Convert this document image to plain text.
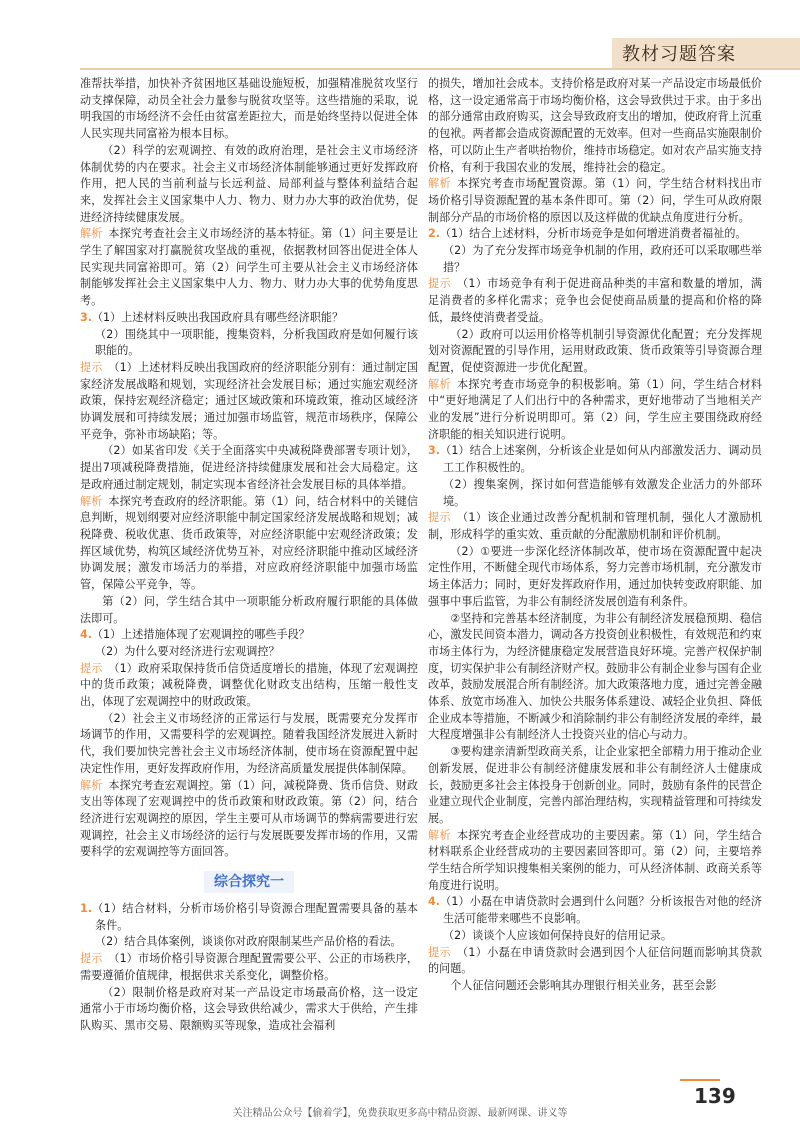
教材习题答案

准帮扶举措，加快补齐贫困地区基础设施短板，加强精准脱贫攻坚行动支撑保障，动员全社会力量参与脱贫攻坚等。这些措施的采取，说明我国的市场经济不会任由贫富差距拉大，而是始终坚持以促进全体人民实现共同富裕为根本目标。

（2）科学的宏观调控、有效的政府治理，是社会主义市场经济体制优势的内在要求。社会主义市场经济体制能够通过更好发挥政府作用，把人民的当前利益与长远利益、局部利益与整体利益结合起来，发挥社会主义国家集中人力、物力、财力办大事的政治优势，促进经济持续健康发展。

解析 本探究考查社会主义市场经济的基本特征。第（1）问主要是让学生了解国家对打赢脱贫攻坚战的重视，依据教材回答出促进全体人民实现共同富裕即可。第（2）问学生可主要从社会主义市场经济体制能够发挥社会主义国家集中人力、物力、财力办大事的优势角度思考。

3.（1）上述材料反映出我国政府具有哪些经济职能？

（2）围绕其中一项职能，搜集资料，分析我国政府是如何履行该职能的。

提示 （1）上述材料反映出我国政府的经济职能分别有：通过制定国家经济发展战略和规划，实现经济社会发展目标；通过实施宏观经济政策，保持宏观经济稳定；通过区域政策和环境政策，推动区域经济协调发展和可持续发展；通过加强市场监管，规范市场秩序，保障公平竞争，弥补市场缺陷；等。

（2）如某省印发《关于全面落实中央减税降费部署专项计划》，提出7项减税降费措施，促进经济持续健康发展和社会大局稳定。这是政府通过制定规划，制定实现本省经济社会发展目标的具体举措。

解析 本探究考查政府的经济职能。第（1）问，结合材料中的关键信息判断，规划纲要对应经济职能中制定国家经济发展战略和规划；减税降费、税收优惠、货币政策等，对应经济职能中宏观经济政策；发挥区域优势，构筑区域经济优势互补，对应经济职能中推动区域经济协调发展；激发市场活力的举措，对应政府经济职能中加强市场监管，保障公平竞争，等。

第（2）问，学生结合其中一项职能分析政府履行职能的具体做法即可。

4.（1）上述措施体现了宏观调控的哪些手段？

（2）为什么要对经济进行宏观调控？

提示 （1）政府采取保持货币信贷适度增长的措施，体现了宏观调控中的货币政策；减税降费，调整优化财政支出结构，压缩一般性支出，体现了宏观调控中的财政政策。

（2）社会主义市场经济的正常运行与发展，既需要充分发挥市场调节的作用，又需要科学的宏观调控。随着我国经济发展进入新时代，我们要加快完善社会主义市场经济体制，使市场在资源配置中起决定性作用，更好发挥政府作用，为经济高质量发展提供体制保障。

解析 本探究考查宏观调控。第（1）问，减税降费、货币信贷、财政支出等体现了宏观调控中的货币政策和财政政策。第（2）问，结合经济进行宏观调控的原因，学生主要可从市场调节的弊病需要进行宏观调控，社会主义市场经济的运行与发展既要发挥市场的作用，又需要科学的宏观调控等方面回答。

综合探究一

1.（1）结合材料，分析市场价格引导资源合理配置需要具备的基本条件。

（2）结合具体案例，谈谈你对政府限制某些产品价格的看法。

提示 （1）市场价格引导资源合理配置需要公平、公正的市场秩序，需要遵循价值规律，根据供求关系变化，调整价格。

（2）限制价格是政府对某一产品设定市场最高价格，这一设定通常小于市场均衡价格，这会导致供给减少，需求大于供给，产生排队购买、黑市交易、限额购买等现象，造成社会福利

的损失，增加社会成本。支持价格是政府对某一产品设定市场最低价格，这一设定通常高于市场均衡价格，这会导致供过于求。由于多出的部分通常由政府购买，这会导致政府支出的增加，使政府背上沉重的包袱。两者都会造成资源配置的无效率。但对一些商品实施限制价格，可以防止生产者哄抬物价，维持市场稳定。如对农产品实施支持价格，有利于我国农业的发展，维持社会的稳定。

解析 本探究考查市场配置资源。第（1）问，学生结合材料找出市场价格引导资源配置的基本条件即可。第（2）问，学生可从政府限制部分产品的市场价格的原因以及这样做的优缺点角度进行分析。

2.（1）结合上述材料，分析市场竞争是如何增进消费者福祉的。

（2）为了充分发挥市场竞争机制的作用，政府还可以采取哪些举措？

提示 （1）市场竞争有利于促进商品种类的丰富和数量的增加，满足消费者的多样化需求；竞争也会促使商品质量的提高和价格的降低，最终使消费者受益。

（2）政府可以运用价格等机制引导资源优化配置；充分发挥规划对资源配置的引导作用，运用财政政策、货币政策等引导资源合理配置，促使资源进一步优化配置。

解析 本探究考查市场竞争的积极影响。第（1）问，学生结合材料中“更好地满足了人们出行中的各种需求，更好地带动了当地相关产业的发展”进行分析说明即可。第（2）问，学生应主要围绕政府经济职能的相关知识进行说明。

3.（1）结合上述案例，分析该企业是如何从内部激发活力、调动员工工作积极性的。

（2）搜集案例，探讨如何营造能够有效激发企业活力的外部环境。

提示 （1）该企业通过改善分配机制和管理机制，强化人才激励机制，形成科学的重实效、重贡献的分配激励机制和评价机制。

（2）①要进一步深化经济体制改革，使市场在资源配置中起决定性作用，不断健全现代市场体系，努力完善市场机制，充分激发市场主体活力；同时，更好发挥政府作用，通过加快转变政府职能、加强事中事后监管，为非公有制经济发展创造有利条件。

②坚持和完善基本经济制度，为非公有制经济发展稳预期、稳信心，激发民间资本潜力，调动各方投资创业积极性，有效规范和约束市场主体行为，为经济健康稳定发展营造良好环境。完善产权保护制度，切实保护非公有制经济财产权。鼓励非公有制企业参与国有企业改革，鼓励发展混合所有制经济。加大政策落地力度，通过完善金融体系、放宽市场准入、加快公共服务体系建设、减轻企业负担、降低企业成本等措施，不断减少和消除制约非公有制经济发展的牵绊，最大程度增强非公有制经济人士投资兴业的信心与动力。

③要构建亲清新型政商关系，让企业家把全部精力用于推动企业创新发展，促进非公有制经济健康发展和非公有制经济人士健康成长，鼓励更多社会主体投身于创新创业。同时，鼓励有条件的民营企业建立现代企业制度，完善内部治理结构，实现精益管理和可持续发展。

解析 本探究考查企业经营成功的主要因素。第（1）问，学生结合材料联系企业经营成功的主要因素回答即可。第（2）问，主要培养学生结合所学知识搜集相关案例的能力，可从经济体制、政商关系等角度进行说明。

4.（1）小磊在申请贷款时会遇到什么问题？分析该报告对他的经济生活可能带来哪些不良影响。

（2）谈谈个人应该如何保持良好的信用记录。

提示 （1）小磊在申请贷款时会遇到因个人征信问题而影响其贷款的问题。

个人征信问题还会影响其办理银行相关业务，甚至会影

139
关注精品公众号【偷着学】，免费获取更多高中精品资源、最新网课、讲义等
